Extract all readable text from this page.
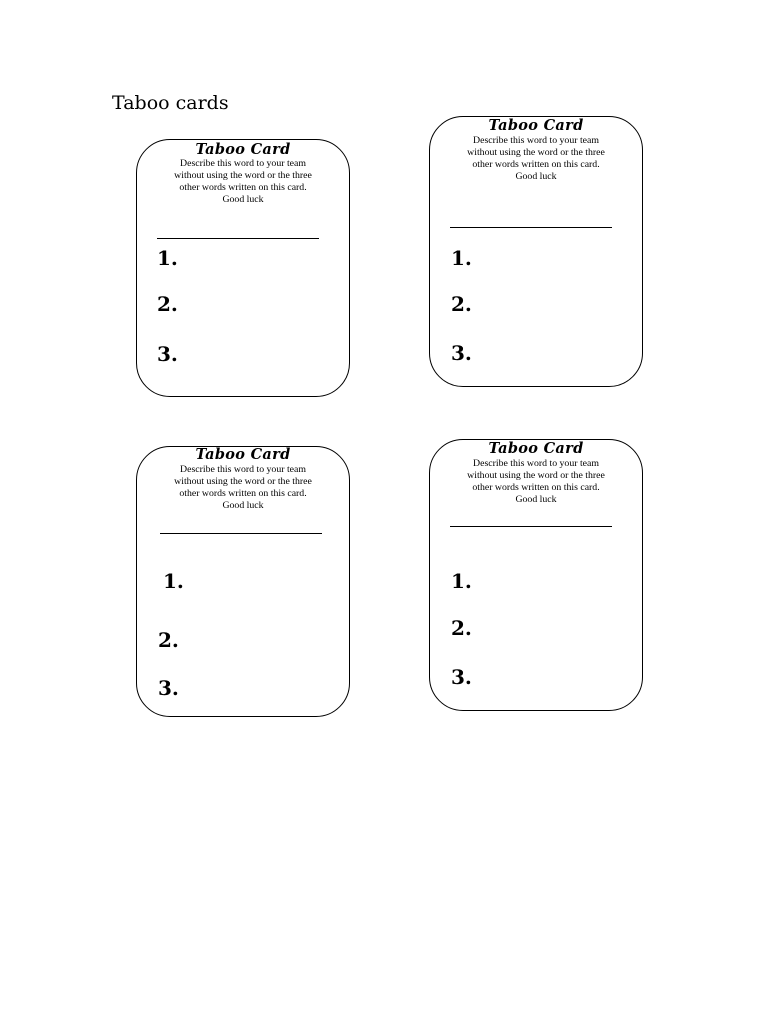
Taboo cards
Taboo Card
Describe this word to your team
without using the word or the three
other words written on this card.
Good luck
1.
2.
3.
Taboo Card
Describe this word to your team
without using the word or the three
other words written on this card.
Good luck
1.
2.
3.
Taboo Card
Describe this word to your team
without using the word or the three
other words written on this card.
Good luck
1.
2.
3.
Taboo Card
Describe this word to your team
without using the word or the three
other words written on this card.
Good luck
1.
2.
3.
